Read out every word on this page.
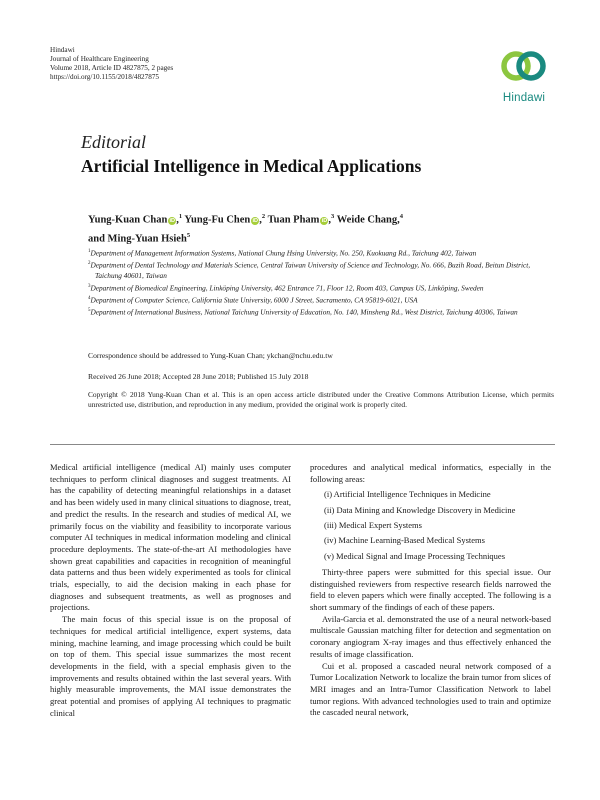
Hindawi
Journal of Healthcare Engineering
Volume 2018, Article ID 4827875, 2 pages
https://doi.org/10.1155/2018/4827875
Hindawi
Editorial
Artificial Intelligence in Medical Applications
Yung-Kuan Chan iD,$^1$ Yung-Fu Chen iD,$^2$ Tuan Pham iD,$^3$ Weide Chang,$^4$
and Ming-Yuan Hsieh$^5$
$^1$Department of Management Information Systems, National Chung Hsing University, No. 250, Kuokuang Rd., Taichung 402, Taiwan
$^2$Department of Dental Technology and Materials Science, Central Taiwan University of Science and Technology, No. 666, Buzih Road, Beitun District, Taichung 40601, Taiwan
$^3$Department of Biomedical Engineering, Linköping University, 462 Entrance 71, Floor 12, Room 403, Campus US, Linköping, Sweden
$^4$Department of Computer Science, California State University, 6000 J Street, Sacramento, CA 95819-6021, USA
$^5$Department of International Business, National Taichung University of Education, No. 140, Minsheng Rd., West District, Taichung 40306, Taiwan
Correspondence should be addressed to Yung-Kuan Chan; ykchan@nchu.edu.tw
Received 26 June 2018; Accepted 28 June 2018; Published 15 July 2018
Copyright © 2018 Yung-Kuan Chan et al. This is an open access article distributed under the Creative Commons Attribution License, which permits unrestricted use, distribution, and reproduction in any medium, provided the original work is properly cited.

Medical artificial intelligence (medical AI) mainly uses computer techniques to perform clinical diagnoses and suggest treatments. AI has the capability of detecting meaningful relationships in a dataset and has been widely used in many clinical situations to diagnose, treat, and predict the results. In the research and studies of medical AI, we primarily focus on the viability and feasibility to incorporate various computer AI techniques in medical information modeling and clinical procedure deployments. The state-of-the-art AI methodologies have shown great capabilities and capacities in recognition of meaningful data patterns and thus been widely experimented as tools for clinical trials, especially, to aid the decision making in each phase for diagnoses and subsequent treatments, as well as prognoses and projections.

The main focus of this special issue is on the proposal of techniques for medical artificial intelligence, expert systems, data mining, machine learning, and image processing which could be built on top of them. This special issue summarizes the most recent developments in the field, with a special emphasis given to the improvements and results obtained within the last several years. With highly measurable improvements, the MAI issue demonstrates the great potential and promises of applying AI techniques to pragmatic clinical

procedures and analytical medical informatics, especially in the following areas:

(i) Artificial Intelligence Techniques in Medicine
(ii) Data Mining and Knowledge Discovery in Medicine
(iii) Medical Expert Systems
(iv) Machine Learning-Based Medical Systems
(v) Medical Signal and Image Processing Techniques

Thirty-three papers were submitted for this special issue. Our distinguished reviewers from respective research fields narrowed the field to eleven papers which were finally accepted. The following is a short summary of the findings of each of these papers.

Avila-Garcia et al. demonstrated the use of a neural network-based multiscale Gaussian matching filter for detection and segmentation on coronary angiogram X-ray images and thus effectively enhanced the results of image classification.

Cui et al. proposed a cascaded neural network composed of a Tumor Localization Network to localize the brain tumor from slices of MRI images and an Intra-Tumor Classification Network to label tumor regions. With advanced technologies used to train and optimize the cascaded neural network,
